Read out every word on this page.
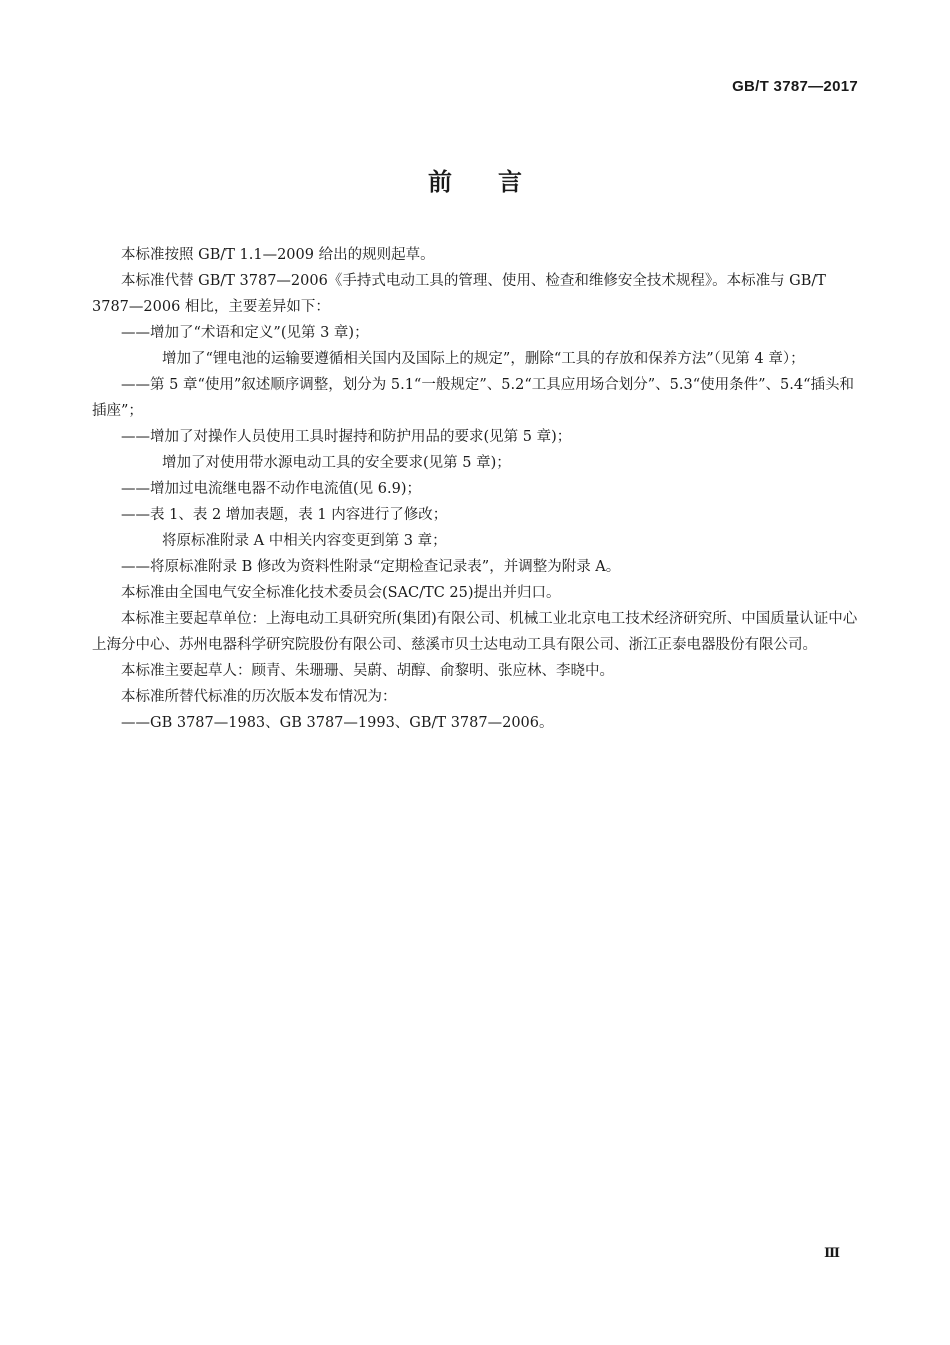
GB/T 3787—2017
前言

本标准按照 GB/T 1.1—2009 给出的规则起草。

本标准代替 GB/T 3787—2006《手持式电动工具的管理、使用、检查和维修安全技术规程》。本标准与 GB/T 3787—2006 相比，主要差异如下：

——增加了“术语和定义”(见第 3 章)；

增加了“锂电池的运输要遵循相关国内及国际上的规定”，删除“工具的存放和保养方法”（见第 4 章）；

——第 5 章“使用”叙述顺序调整，划分为 5.1“一般规定”、5.2“工具应用场合划分”、5.3“使用条件”、5.4“插头和插座”；

——增加了对操作人员使用工具时握持和防护用品的要求(见第 5 章)；

增加了对使用带水源电动工具的安全要求(见第 5 章)；

——增加过电流继电器不动作电流值(见 6.9)；

——表 1、表 2 增加表题，表 1 内容进行了修改；

将原标准附录 A 中相关内容变更到第 3 章；

——将原标准附录 B 修改为资料性附录“定期检查记录表”，并调整为附录 A。

本标准由全国电气安全标准化技术委员会(SAC/TC 25)提出并归口。

本标准主要起草单位：上海电动工具研究所(集团)有限公司、机械工业北京电工技术经济研究所、中国质量认证中心上海分中心、苏州电器科学研究院股份有限公司、慈溪市贝士达电动工具有限公司、浙江正泰电器股份有限公司。

本标准主要起草人：顾青、朱珊珊、吴蔚、胡醇、俞黎明、张应林、李晓中。

本标准所替代标准的历次版本发布情况为：

——GB 3787—1983、GB 3787—1993、GB/T 3787—2006。

Ⅲ
